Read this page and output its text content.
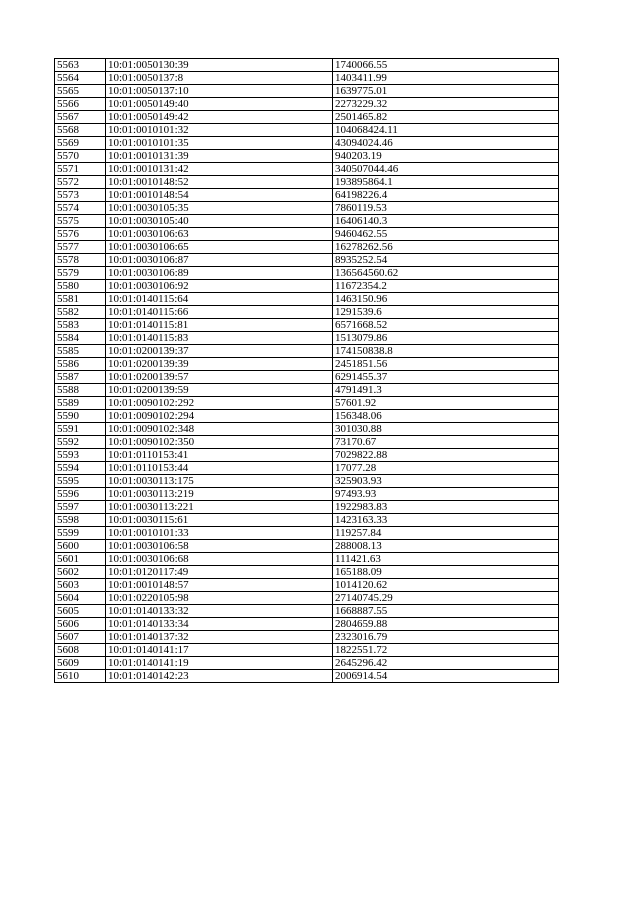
5563	10:01:0050130:39	1740066.55
5564	10:01:0050137:8	1403411.99
5565	10:01:0050137:10	1639775.01
5566	10:01:0050149:40	2273229.32
5567	10:01:0050149:42	2501465.82
5568	10:01:0010101:32	104068424.11
5569	10:01:0010101:35	43094024.46
5570	10:01:0010131:39	940203.19
5571	10:01:0010131:42	340507044.46
5572	10:01:0010148:52	193895864.1
5573	10:01:0010148:54	64198226.4
5574	10:01:0030105:35	7860119.53
5575	10:01:0030105:40	16406140.3
5576	10:01:0030106:63	9460462.55
5577	10:01:0030106:65	16278262.56
5578	10:01:0030106:87	8935252.54
5579	10:01:0030106:89	136564560.62
5580	10:01:0030106:92	11672354.2
5581	10:01:0140115:64	1463150.96
5582	10:01:0140115:66	1291539.6
5583	10:01:0140115:81	6571668.52
5584	10:01:0140115:83	1513079.86
5585	10:01:0200139:37	174150838.8
5586	10:01:0200139:39	2451851.56
5587	10:01:0200139:57	6291455.37
5588	10:01:0200139:59	4791491.3
5589	10:01:0090102:292	57601.92
5590	10:01:0090102:294	156348.06
5591	10:01:0090102:348	301030.88
5592	10:01:0090102:350	73170.67
5593	10:01:0110153:41	7029822.88
5594	10:01:0110153:44	17077.28
5595	10:01:0030113:175	325903.93
5596	10:01:0030113:219	97493.93
5597	10:01:0030113:221	1922983.83
5598	10:01:0030115:61	1423163.33
5599	10:01:0010101:33	119257.84
5600	10:01:0030106:58	288008.13
5601	10:01:0030106:68	111421.63
5602	10:01:0120117:49	165188.09
5603	10:01:0010148:57	1014120.62
5604	10:01:0220105:98	27140745.29
5605	10:01:0140133:32	1668887.55
5606	10:01:0140133:34	2804659.88
5607	10:01:0140137:32	2323016.79
5608	10:01:0140141:17	1822551.72
5609	10:01:0140141:19	2645296.42
5610	10:01:0140142:23	2006914.54
